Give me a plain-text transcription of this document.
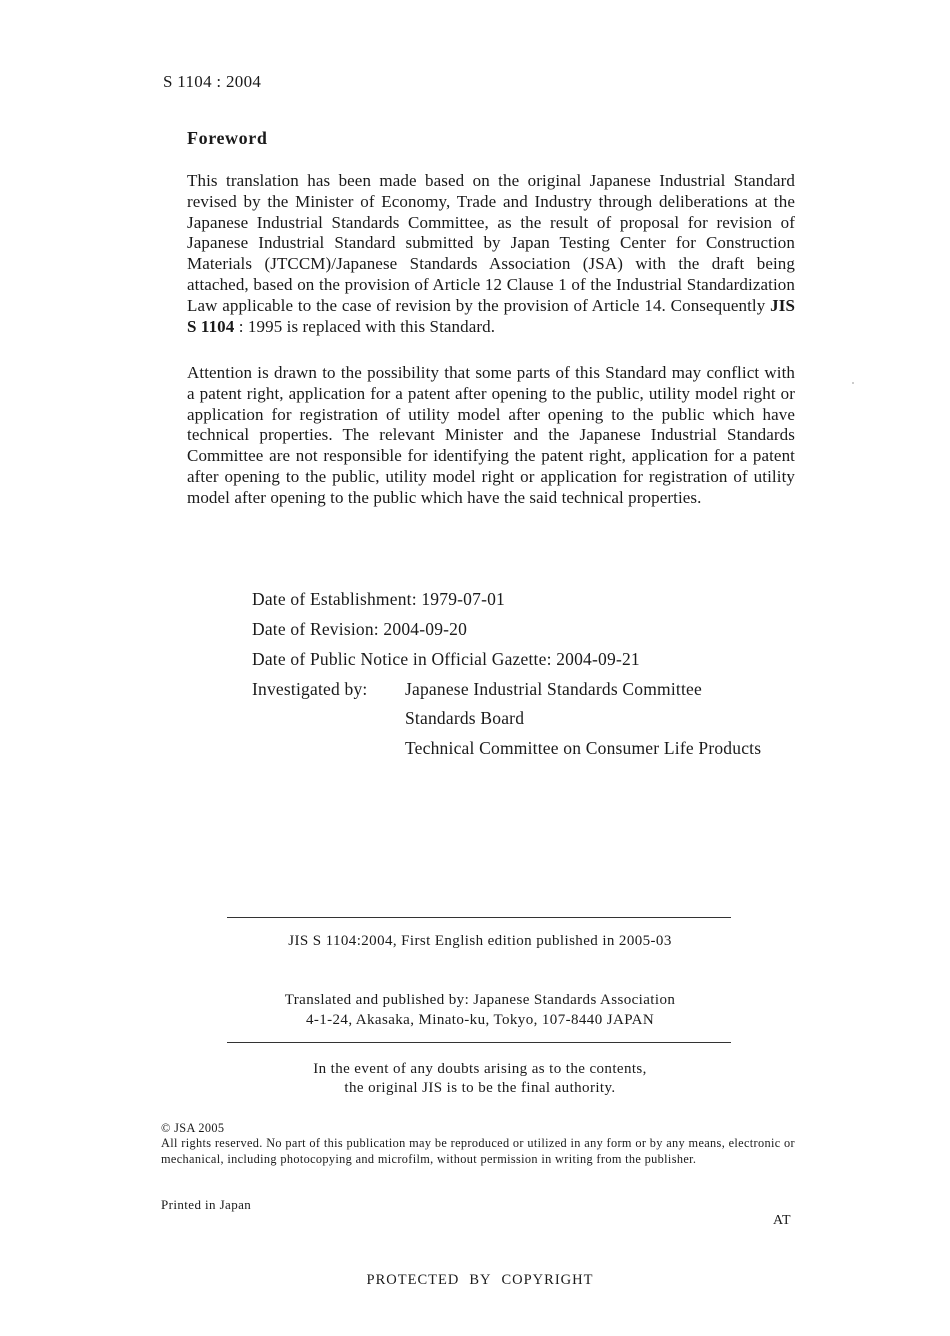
S 1104 : 2004
Foreword
This translation has been made based on the original Japanese Industrial Standard revised by the Minister of Economy, Trade and Industry through deliberations at the Japanese Industrial Standards Committee, as the result of proposal for revision of Japanese Industrial Standard submitted by Japan Testing Center for Construction Materials (JTCCM)/Japanese Standards Association (JSA) with the draft being attached, based on the provision of Article 12 Clause 1 of the Industrial Standardization Law applicable to the case of revision by the provision of Article 14. Consequently JIS S 1104 : 1995 is replaced with this Standard.
Attention is drawn to the possibility that some parts of this Standard may conflict with a patent right, application for a patent after opening to the public, utility model right or application for registration of utility model after opening to the public which have technical properties. The relevant Minister and the Japanese Industrial Standards Committee are not responsible for identifying the patent right, application for a patent after opening to the public, utility model right or application for registration of utility model after opening to the public which have the said technical properties.
Date of Establishment: 1979-07-01
Date of Revision: 2004-09-20
Date of Public Notice in Official Gazette: 2004-09-21
Investigated by: Japanese Industrial Standards Committee
Standards Board
Technical Committee on Consumer Life Products
JIS S 1104:2004, First English edition published in 2005-03
Translated and published by: Japanese Standards Association
4-1-24, Akasaka, Minato-ku, Tokyo, 107-8440 JAPAN
In the event of any doubts arising as to the contents,
the original JIS is to be the final authority.
© JSA 2005
All rights reserved. No part of this publication may be reproduced or utilized in any form or by any means, electronic or mechanical, including photocopying and microfilm, without permission in writing from the publisher.
Printed in Japan
AT
PROTECTED BY COPYRIGHT
